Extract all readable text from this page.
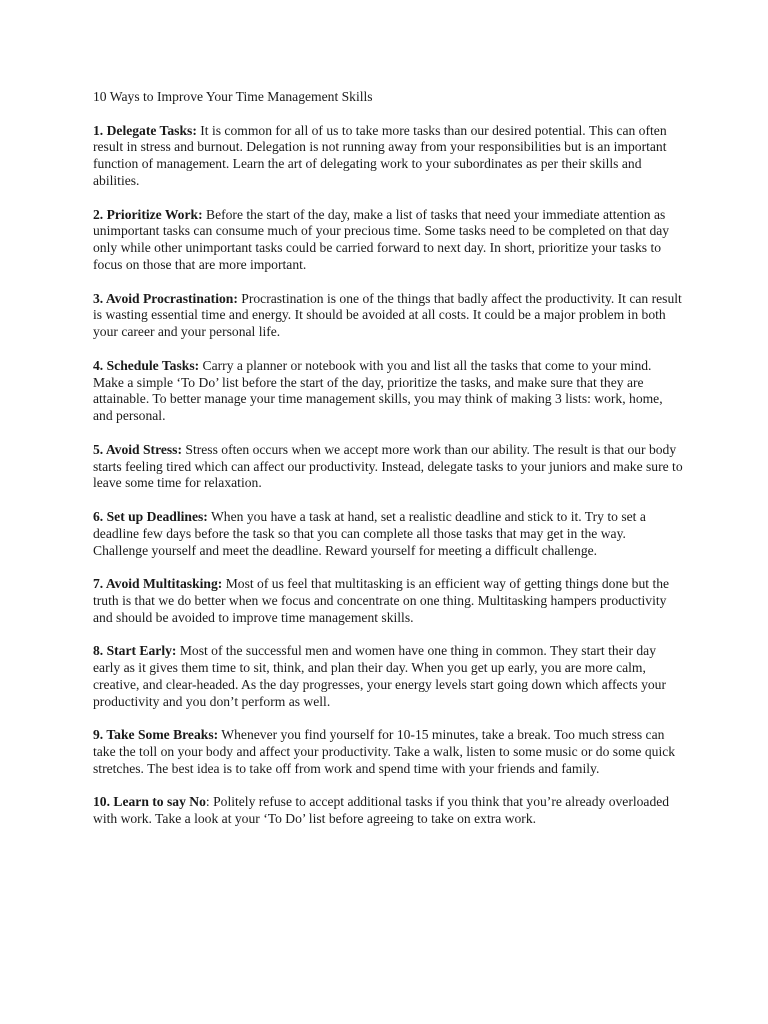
10 Ways to Improve Your Time Management Skills

1. Delegate Tasks: It is common for all of us to take more tasks than our desired potential. This can often result in stress and burnout. Delegation is not running away from your responsibilities but is an important function of management. Learn the art of delegating work to your subordinates as per their skills and abilities.

2. Prioritize Work: Before the start of the day, make a list of tasks that need your immediate attention as unimportant tasks can consume much of your precious time. Some tasks need to be completed on that day only while other unimportant tasks could be carried forward to next day. In short, prioritize your tasks to focus on those that are more important.

3. Avoid Procrastination: Procrastination is one of the things that badly affect the productivity. It can result is wasting essential time and energy. It should be avoided at all costs. It could be a major problem in both your career and your personal life.

4. Schedule Tasks: Carry a planner or notebook with you and list all the tasks that come to your mind. Make a simple ‘To Do’ list before the start of the day, prioritize the tasks, and make sure that they are attainable. To better manage your time management skills, you may think of making 3 lists: work, home, and personal.

5. Avoid Stress: Stress often occurs when we accept more work than our ability. The result is that our body starts feeling tired which can affect our productivity. Instead, delegate tasks to your juniors and make sure to leave some time for relaxation.

6. Set up Deadlines: When you have a task at hand, set a realistic deadline and stick to it. Try to set a deadline few days before the task so that you can complete all those tasks that may get in the way. Challenge yourself and meet the deadline. Reward yourself for meeting a difficult challenge.

7. Avoid Multitasking: Most of us feel that multitasking is an efficient way of getting things done but the truth is that we do better when we focus and concentrate on one thing. Multitasking hampers productivity and should be avoided to improve time management skills.

8. Start Early: Most of the successful men and women have one thing in common. They start their day early as it gives them time to sit, think, and plan their day. When you get up early, you are more calm, creative, and clear-headed. As the day progresses, your energy levels start going down which affects your productivity and you don’t perform as well.

9. Take Some Breaks: Whenever you find yourself for 10-15 minutes, take a break. Too much stress can take the toll on your body and affect your productivity. Take a walk, listen to some music or do some quick stretches. The best idea is to take off from work and spend time with your friends and family.

10. Learn to say No: Politely refuse to accept additional tasks if you think that you’re already overloaded with work. Take a look at your ‘To Do’ list before agreeing to take on extra work.
